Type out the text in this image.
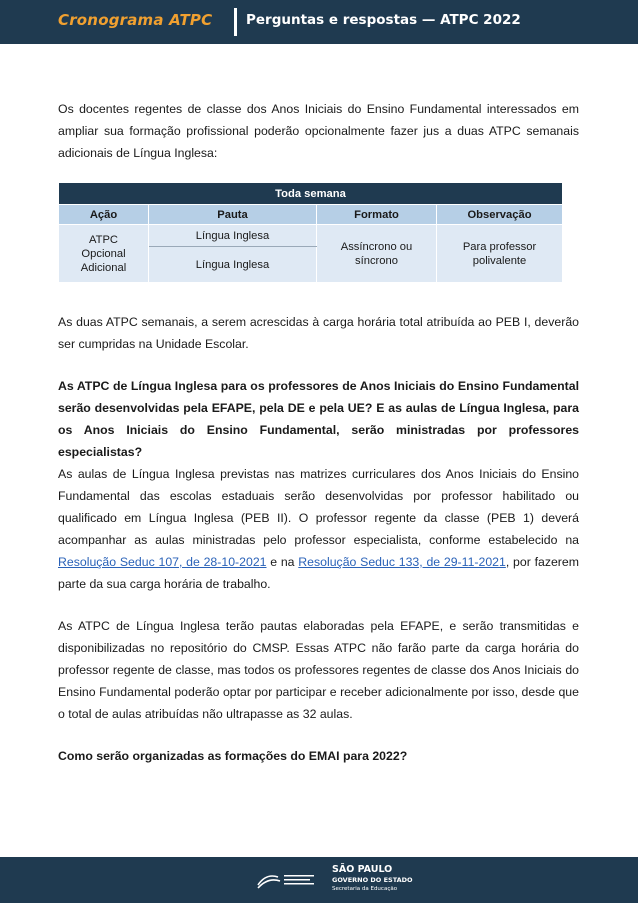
Cronograma ATPC Perguntas e respostas — ATPC 2022

Os docentes regentes de classe dos Anos Iniciais do Ensino Fundamental interessados em ampliar sua formação profissional poderão opcionalmente fazer jus a duas ATPC semanais adicionais de Língua Inglesa:

Toda semana			
Ação	Pauta	Formato	Observação
ATPC Opcional Adicional	Língua Inglesa	Assíncrono ou síncrono	Para professor polivalente
	Língua Inglesa		

As duas ATPC semanais, a serem acrescidas à carga horária total atribuída ao PEB I, deverão ser cumpridas na Unidade Escolar.

As ATPC de Língua Inglesa para os professores de Anos Iniciais do Ensino Fundamental serão desenvolvidas pela EFAPE, pela DE e pela UE? E as aulas de Língua Inglesa, para os Anos Iniciais do Ensino Fundamental, serão ministradas por professores especialistas?

As aulas de Língua Inglesa previstas nas matrizes curriculares dos Anos Iniciais do Ensino Fundamental das escolas estaduais serão desenvolvidas por professor habilitado ou qualificado em Língua Inglesa (PEB II). O professor regente da classe (PEB 1) deverá acompanhar as aulas ministradas pelo professor especialista, conforme estabelecido na Resolução Seduc 107, de 28-10-2021 e na Resolução Seduc 133, de 29-11-2021, por fazerem parte da sua carga horária de trabalho.

As ATPC de Língua Inglesa terão pautas elaboradas pela EFAPE, e serão transmitidas e disponibilizadas no repositório do CMSP. Essas ATPC não farão parte da carga horária do professor regente de classe, mas todos os professores regentes de classe dos Anos Iniciais do Ensino Fundamental poderão optar por participar e receber adicionalmente por isso, desde que o total de aulas atribuídas não ultrapasse as 32 aulas.

Como serão organizadas as formações do EMAI para 2022?

SÃO PAULO
GOVERNO DO ESTADO
Secretaria da Educação
